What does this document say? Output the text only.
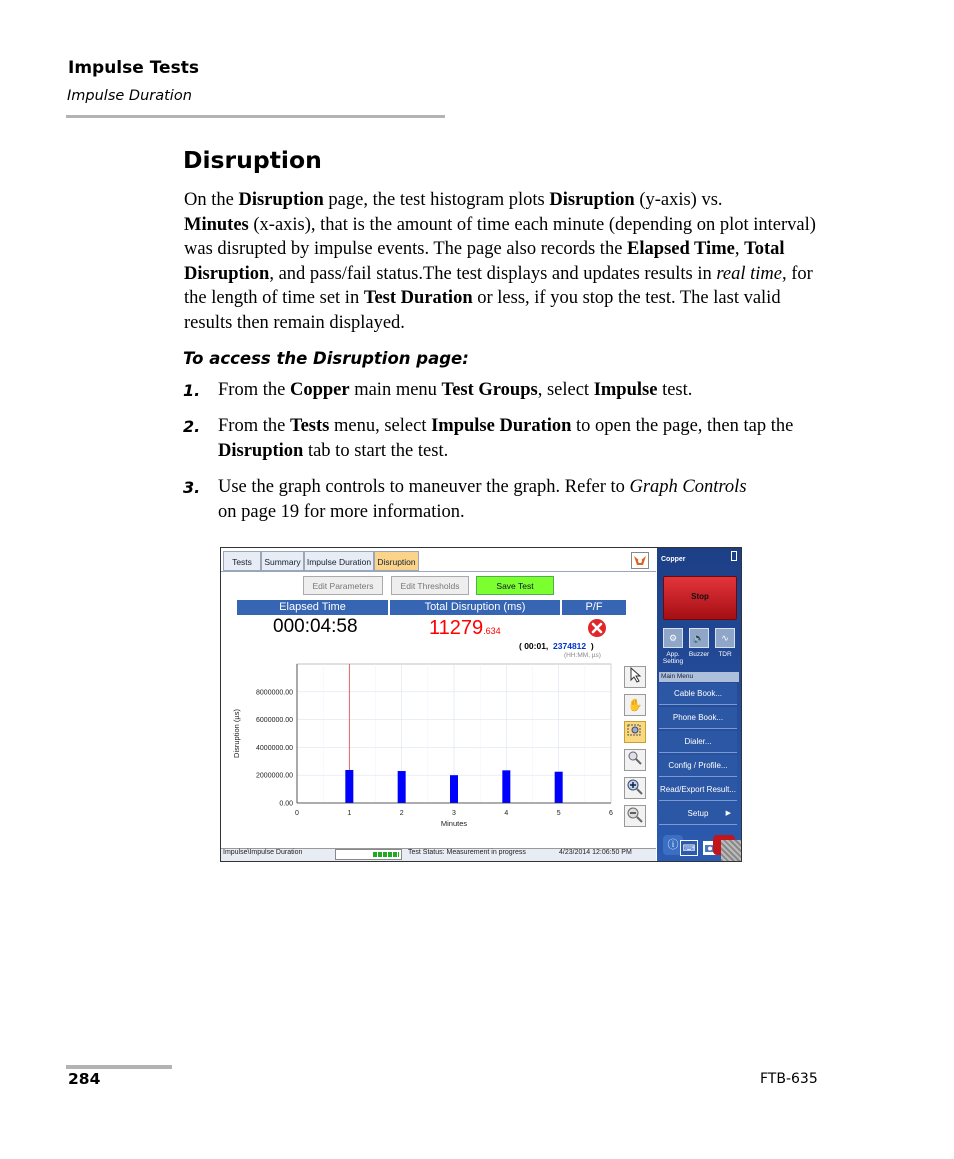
Impulse Tests
Impulse Duration
Disruption
On the Disruption page, the test histogram plots Disruption (y-axis) vs.
Minutes (x-axis), that is the amount of time each minute (depending on plot interval) was disrupted by impulse events. The page also records the Elapsed Time, Total Disruption, and pass/fail status.The test displays and updates results in real time, for the length of time set in Test Duration or less, if you stop the test. The last valid results then remain displayed.
To access the Disruption page:
1. From the Copper main menu Test Groups, select Impulse test.
2. From the Tests menu, select Impulse Duration to open the page, then tap the Disruption tab to start the test.
3. Use the graph controls to maneuver the graph. Refer to Graph Controls
on page 19 for more information.
Tests	Summary Impulse Duration Disruption
Edit Parameters	Edit Thresholds	Save Test
Elapsed Time	Total Disruption (ms)	P/F
000:04:58	11279.634
( 00:01, 2374812 )
(HH:MM, µs)
0	1	2	3	4	5	6
0.00
2000000.00
4000000.00
6000000.00
8000000.00
Minutes
Disruption (µs)
✋
Impulse\Impulse Duration	Test Status: Measurement in progress	4/23/2014 12:06:50 PM
Copper
Stop
⚙	🔈	∿
App. Setting
Buzzer	TDR
Main Menu
Cable Book...
Phone Book...
Dialer...
Config / Profile...
Read/Export Result...
Setup ▶
ⓘ ⌨
284	FTB-635
